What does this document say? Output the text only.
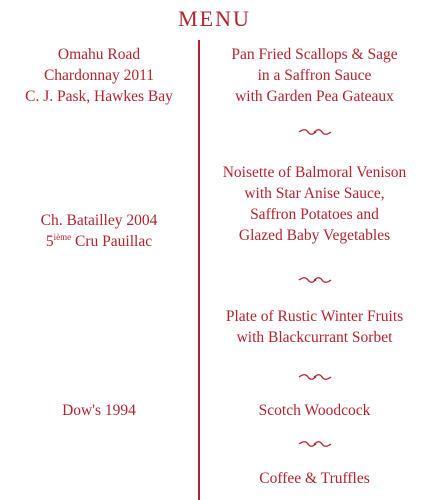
MENU
Omahu Road
Chardonnay 2011
C. J. Pask, Hawkes Bay
Ch. Batailley 2004
5ième Cru Pauillac
Dow's 1994
Pan Fried Scallops & Sage
in a Saffron Sauce
with Garden Pea Gateaux
Noisette of Balmoral Venison
with Star Anise Sauce,
Saffron Potatoes and
Glazed Baby Vegetables
Plate of Rustic Winter Fruits
with Blackcurrant Sorbet
Scotch Woodcock
Coffee & Truffles
